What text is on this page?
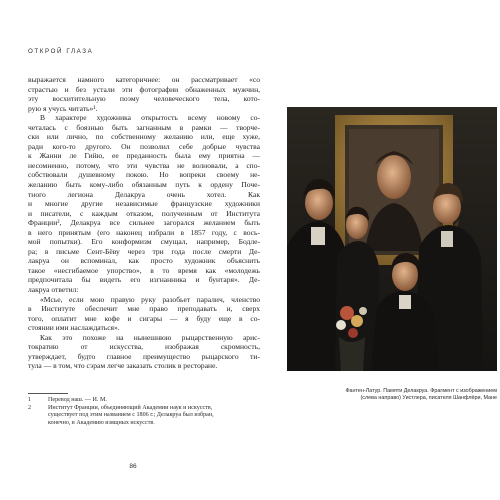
ОТКРОЙ ГЛАЗА
выражается намного категоричнее: он рассматривает «со
страстью и без устали эти фотографии обнаженных мужчин,
эту восхитительную поэму человеческого тела, кото-
рую я учусь читать»¹.
В характере художника открытость всему новому со-
четалась с боязнью быть загнанным в рамки — творче-
ски или лично, по собственному желанию или, еще хуже,
ради кого-то другого. Он позволил себе добрые чувства
к Жанни ле Гийю, ее преданность была ему приятна —
несомненно, потому, что эти чувства не волновали, а спо-
собствовали душевному покою. Но вопреки своему не-
желанию быть кому-либо обязанным путь к ордену Поче-
тного легиона Делакруа очень хотел. Как
и многие другие независимые французские художники
и писатели, с каждым отказом, полученным от Института
Франции², Делакруа все сильнее загорался желанием быть
в него принятым (его наконец избрали в 1857 году, с вось-
мой попытки). Его конформизм смущал, например, Бодле-
ра; в письме Сент-Бёву через три года после смерти Де-
лакруа он вспоминал, как просто художник объяснить
такое «несгибаемое упорство», в то время как «молодежь
предпочитала бы видеть его изгнанника и бунтаря». Де-
лакруа ответил:
«Мсье, если мою правую руку разобьет паралич, членство
в Институте обеспечит мне право преподавать и, сверх
того, оплатит мне кофе и сигары — я буду еще в со-
стоянии ими наслаждаться».
Как это похоже на нынешнюю рыцарственную арис-
тократию от искусства, изображая скромность,
утверждает, будто главное преимущество рыцарского ти-
тула — в том, что сэрам легче заказать столик в ресторане.
1	Перевод наш. — И. М.
2	Институт Франции, объединяющий Академии наук и искусств,
существует под этим названием с 1806 г.; Делакруа был избран,
конечно, в Академию изящных искусств.
86
Фантен-Латур. Памяти Делакруа. Фрагмент с изображением
(слева направо) Уистлера, писателя Шанфлёри, Мане
